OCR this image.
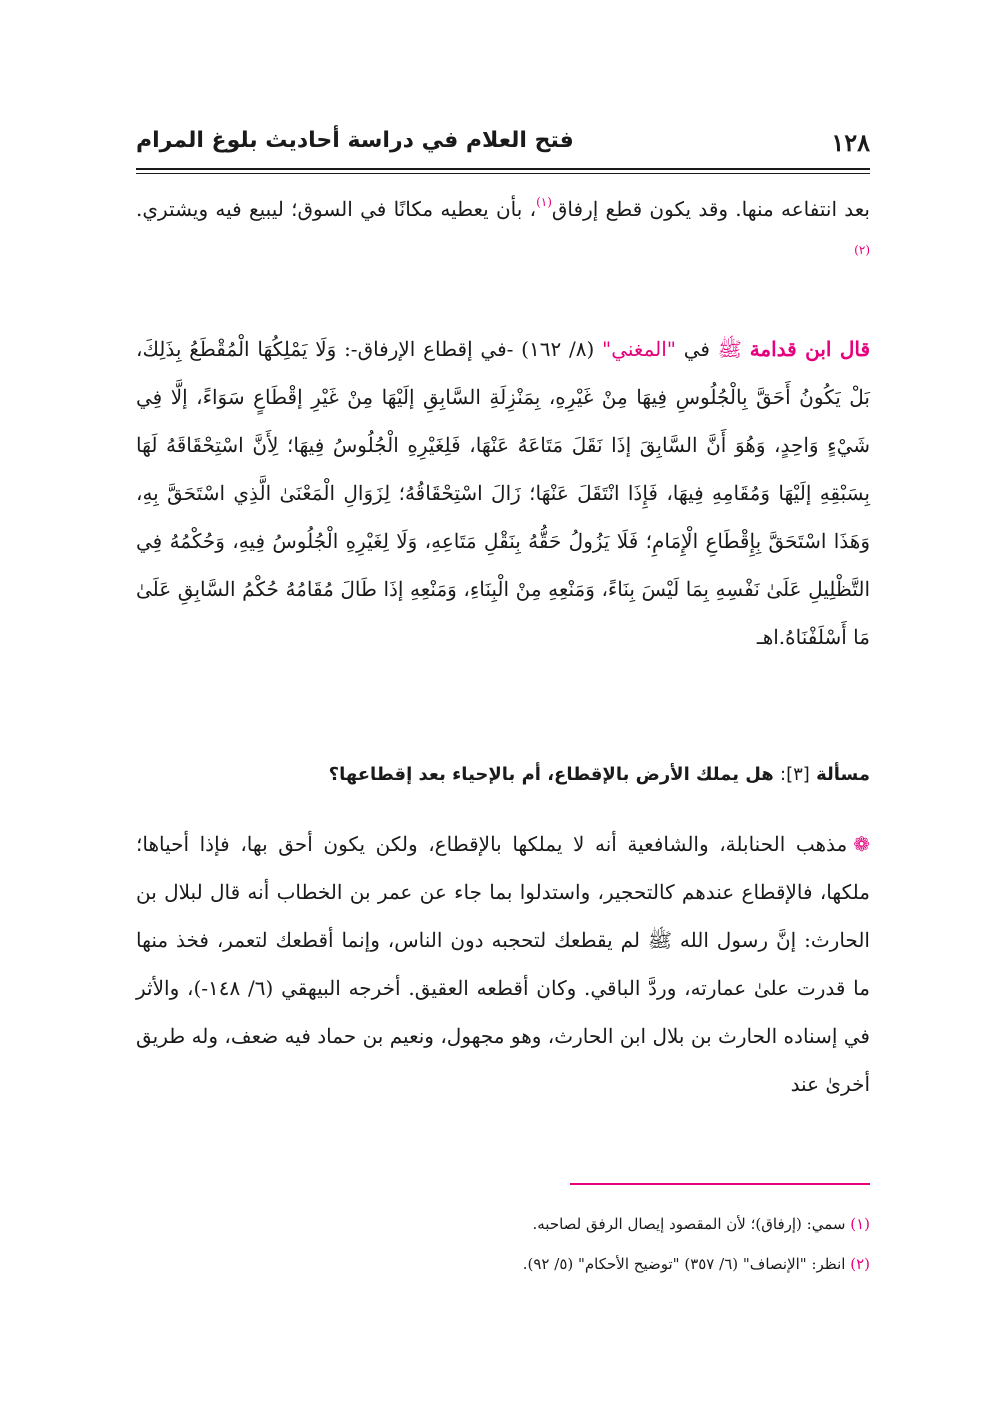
١٢٨
فتح العلام في دراسة أحاديث بلوغ المرام
بعد انتفاعه منها. وقد يكون قطع إرفاق$^{(١)}$، بأن يعطيه مكانًا في السوق؛ ليبيع فيه ويشتري.$^{(٢)}$
قال ابن قدامة ﷺ في "المغني" (٨/ ١٦٢) -في إقطاع الإرفاق-: وَلَا يَمْلِكُهَا الْمُقْطَعُ بِذَلِكَ، بَلْ يَكُونُ أَحَقَّ بِالْجُلُوسِ فِيهَا مِنْ غَيْرِهِ، بِمَنْزِلَةِ السَّابِقِ إلَيْهَا مِنْ غَيْرِ إقْطَاعٍ سَوَاءً، إلَّا فِي شَيْءٍ وَاحِدٍ، وَهُوَ أَنَّ السَّابِقَ إذَا نَقَلَ مَتَاعَهُ عَنْهَا، فَلِغَيْرِهِ الْجُلُوسُ فِيهَا؛ لِأَنَّ اسْتِحْقَاقَهُ لَهَا بِسَبْقِهِ إلَيْهَا وَمُقَامِهِ فِيهَا، فَإِذَا انْتَقَلَ عَنْهَا؛ زَالَ اسْتِحْقَاقُهُ؛ لِزَوَالِ الْمَعْنَىٰ الَّذِي اسْتَحَقَّ بِهِ، وَهَذَا اسْتَحَقَّ بِإِقْطَاعِ الْإِمَامِ؛ فَلَا يَزُولُ حَقُّهُ بِنَقْلِ مَتَاعِهِ، وَلَا لِغَيْرِهِ الْجُلُوسُ فِيهِ، وَحُكْمُهُ فِي التَّظْلِيلِ عَلَىٰ نَفْسِهِ بِمَا لَيْسَ بِنَاءً، وَمَنْعِهِ مِنْ الْبِنَاءِ، وَمَنْعِهِ إذَا طَالَ مُقَامُهُ حُكْمُ السَّابِقِ عَلَىٰ مَا أَسْلَفْنَاهُ.اهـ
مسألة [٣]: هل يملك الأرض بالإقطاع، أم بالإحياء بعد إقطاعها؟
❁مذهب الحنابلة، والشافعية أنه لا يملكها بالإقطاع، ولكن يكون أحق بها، فإذا أحياها؛ ملكها، فالإقطاع عندهم كالتحجير، واستدلوا بما جاء عن عمر بن الخطاب أنه قال لبلال بن الحارث: إنَّ رسول الله ﷺ لم يقطعك لتحجبه دون الناس، وإنما أقطعك لتعمر، فخذ منها ما قدرت علىٰ عمارته، وردَّ الباقي. وكان أقطعه العقيق. أخرجه البيهقي (٦/ ١٤٨-)، والأثر في إسناده الحارث بن بلال ابن الحارث، وهو مجهول، ونعيم بن حماد فيه ضعف، وله طريق أخرىٰ عند
(١) سمي: (إرفاق)؛ لأن المقصود إيصال الرفق لصاحبه.
(٢) انظر: "الإنصاف" (٦/ ٣٥٧) "توضيح الأحكام" (٥/ ٩٢).
